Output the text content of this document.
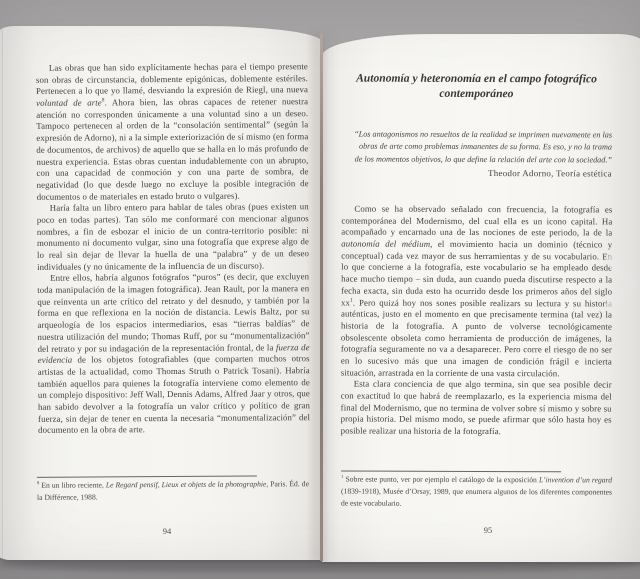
Las obras que han sido explícitamente hechas para el tiempo presente son obras de circunstancia, doblemente epigónicas, doblemente estériles. Pertenecen a lo que yo llamé, desviando la expresión de Riegl, una nueva voluntad de arte$^8$. Ahora bien, las obras capaces de retener nuestra atención no corresponden únicamente a una voluntad sino a un deseo. Tampoco pertenecen al orden de la “consolación sentimental” (según la expresión de Adorno), ni a la simple exteriorización de sí mismo (en forma de documentos, de archivos) de aquello que se halla en lo más profundo de nuestra experiencia. Estas obras cuentan indudablemente con un abrupto, con una capacidad de conmoción y con una parte de sombra, de negatividad (lo que desde luego no excluye la posible integración de documentos o de materiales en estado bruto o vulgares).

Haría falta un libro entero para hablar de tales obras (pues existen un poco en todas partes). Tan sólo me conformaré con mencionar algunos nombres, a fin de esbozar el inicio de un contra-territorio posible: ni monumento ni documento vulgar, sino una fotografía que exprese algo de lo real sin dejar de llevar la huella de una “palabra” y de un deseo individuales (y no únicamente de la influencia de un discurso).

Entre ellos, habría algunos fotógrafos “puros” (es decir, que excluyen toda manipulación de la imagen fotográfica). Jean Rault, por la manera en que reinventa un arte crítico del retrato y del desnudo, y también por la forma en que reflexiona en la noción de distancia. Lewis Baltz, por su arqueología de los espacios intermediarios, esas “tierras baldías” de nuestra utilización del mundo; Thomas Ruff, por su “monumentalización” del retrato y por su indagación de la representación frontal, de la fuerza de evidencia de los objetos fotografiables (que comparten muchos otros artistas de la actualidad, como Thomas Struth o Patrick Tosani). Habría también aquellos para quienes la fotografía interviene como elemento de un complejo dispositivo: Jeff Wall, Dennis Adams, Alfred Jaar y otros, que han sabido devolver a la fotografía un valor crítico y político de gran fuerza, sin dejar de tener en cuenta la necesaria “monumentalización” del documento en la obra de arte.

$^8$ En un libro reciente, Le Regard pensif, Lieux et objets de la photographie, Paris. Éd. de la Différence, 1988.
94
Autonomía y heteronomía en el campo fotográfico contemporáneo

“Los antagonismos no resueltos de la realidad se imprimen nuevamente en las obras de arte como problemas inmanentes de su forma. Es eso, y no la trama de los momentos objetivos, lo que define la relación del arte con la sociedad.”

Theodor Adorno, Teoría estética

Como se ha observado señalado con frecuencia, la fotografía es contemporánea del Modernismo, del cual ella es un icono capital. Ha acompañado y encarnado una de las nociones de este periodo, la de la autonomía del médium, el movimiento hacia un dominio (técnico y conceptual) cada vez mayor de sus herramientas y de su vocabulario. En lo que concierne a la fotografía, este vocabulario se ha empleado desde hace mucho tiempo – sin duda, aun cuando pueda discutirse respecto a la fecha exacta, sin duda esto ha ocurrido desde los primeros años del siglo $xx^1$. Pero quizá hoy nos sones posible realizars su lectura y su historia auténticas, justo en el momento en que precisamente termina (tal vez) la historia de la fotografía. A punto de volverse tecnológicamente obsolescente obsoleta como herramienta de producción de imágenes, la fotografía seguramente no va a desaparecer. Pero corre el riesgo de no ser en lo sucesivo más que una imagen de condición frágil e incierta situación, arrastrada en la corriente de una vasta circulación.

Esta clara conciencia de que algo termina, sin que sea posible decir con exactitud lo que habrá de reemplazarlo, es la experiencia misma del final del Modernismo, que no termina de volver sobre sí mismo y sobre su propia historia. Del mismo modo, se puede afirmar que sólo hasta hoy es posible realizar una historia de la fotografía.

$^1$ Sobre este punto, ver por ejemplo el catálogo de la exposición L’invention d’un regard (1839-1918), Musée d’Orsay, 1989, que enumera algunos de los diferentes componentes de este vocabulario.
95
